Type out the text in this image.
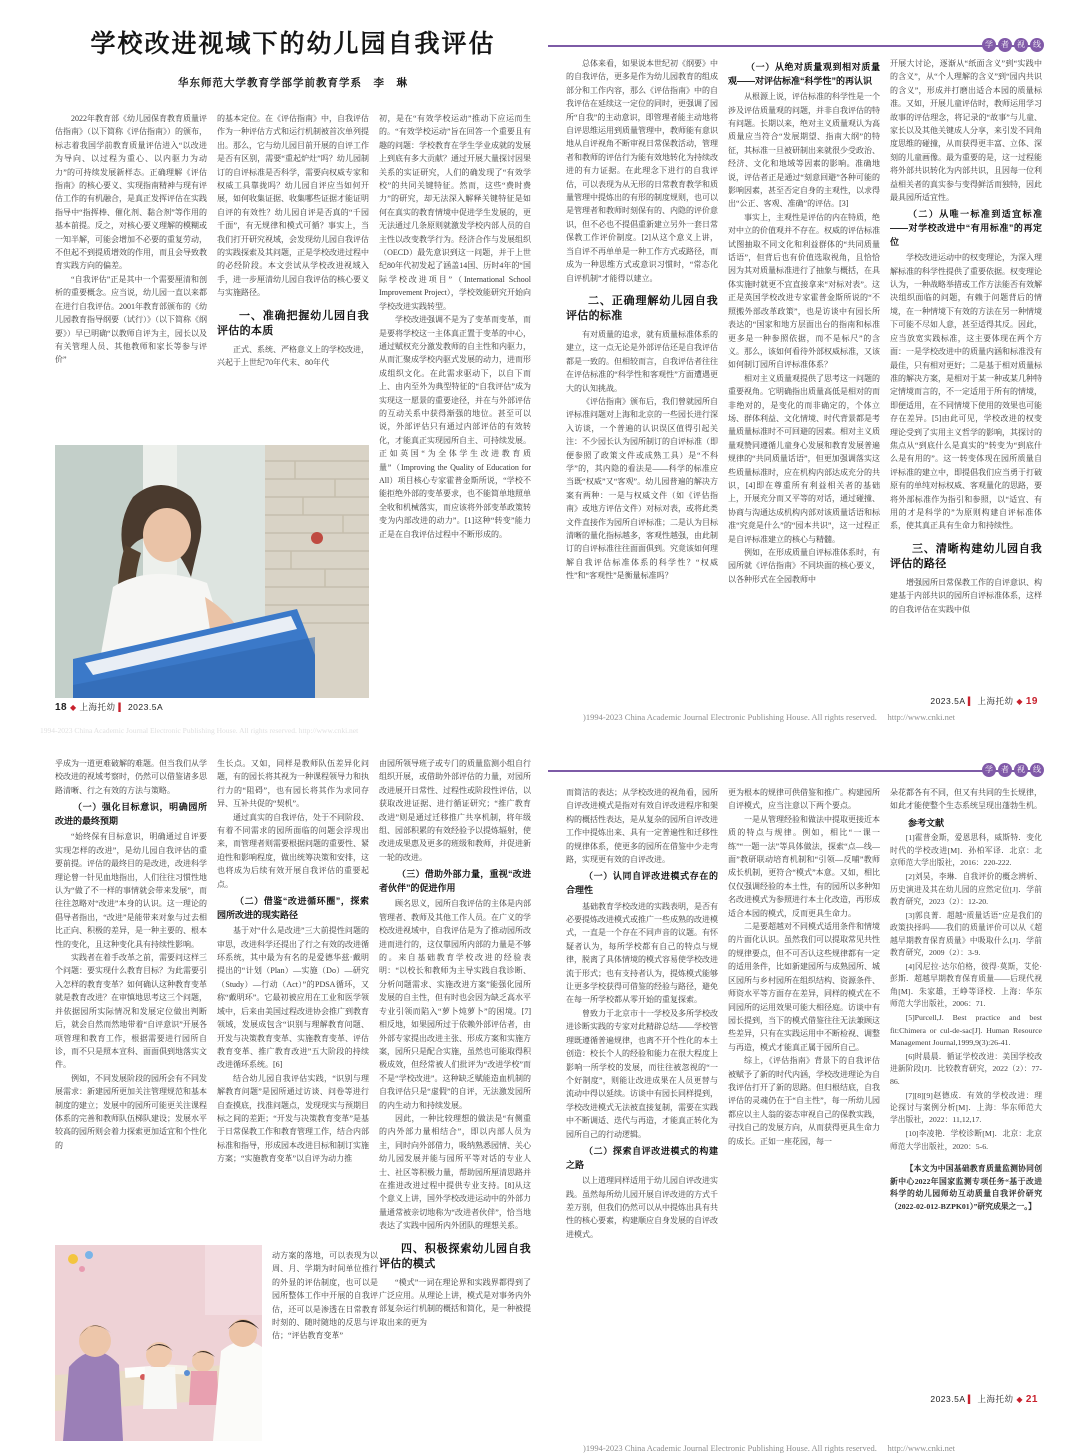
学校改进视域下的幼儿园自我评估
华东师范大学教育学部学前教育学系　李　琳
2022年教育部《幼儿园保育教育质量评估指南》（以下简称《评估指南》）的颁布，标志着我国学前教育质量评估进入“以改进为导向、以过程为重心、以内驱力为动力”的可持续发展新样态。正确理解《评估指南》的核心要义、实现指南精神与现有评估工作的有机融合，是真正发挥评估在实践指导中“指挥棒、催化剂、黏合剂”等作用的基本前提。反之，对核心要义理解的模糊或一知半解，可能会增加不必要的重复劳动，不但起不到提质增效的作用，而且会导致教育实践方向的偏差。
“自我评估”正是其中一个需要厘清和剖析的重要概念。应当说，幼儿园一直以来都在进行自我评估。2001年教育部颁布的《幼儿园教育指导纲要（试行）》（以下简称《纲要》）早已明确“以教师自评为主，园长以及有关管理人员、其他教师和家长等参与评价”
的基本定位。在《评估指南》中，自我评估作为一种评估方式和运行机制被首次单列提出。那么，它与幼儿园目前开展的自评工作是否有区别，需要“重起炉灶”吗？幼儿园制订的自评标准是否科学，需要向权威专家和权威工具靠拢吗？幼儿园自评应当如何开展，如何收集证据、收集哪些证据才能证明自评的有效性？幼儿园自评是否真的“千园千面”，有无规律和模式可循？事实上，当我们打开研究视域，会发现幼儿园自我评估的实践探索及其问题，正是学校改进过程中的必经阶段。本文尝试从学校改进视域入手，进一步厘清幼儿园自我评估的核心要义与实施路径。
一、准确把握幼儿园自我评估的本质
正式、系统、严格意义上的学校改进，兴起于上世纪70年代末、80年代
初，是在“有效学校运动”推动下应运而生的。“有效学校运动”旨在回答一个重要且有趣的问题：学校教育在学生学业成就的发展上到底有多大贡献？通过开展大量探讨因果关系的实证研究，人们的确发现了“有效学校”的共同关键特征。然而，这些“费时费力”的研究，却无法深入解释关键特征是如何在真实的教育情境中促进学生发展的，更无法通过几条原则就激发学校内部人员的自主性以改变教学行为。经济合作与发展组织（OECD）最先意识到这一问题，并于上世纪80年代初发起了涵盖14国、历时4年的“国际学校改进项目”（International School Improvement Project），学校效能研究开始向学校改进实践转型。
学校改进强调不是为了变革而变革，而是要将学校这一主体真正置于变革的中心，通过赋权充分激发教师的自主性和内驱力，从而汇聚成学校内驱式发展的动力，进而形成组织文化。在此需求驱动下，以自下而上、由内至外为典型特征的“自我评估”成为实现这一愿景的重要途径，并在与外部评估的互动关系中获得渐强的地位。甚至可以说，外部评估只有通过内部评估的有效转化，才能真正实现园所自主、可持续发展。正如英国“为全体学生改进教育质量”（Improving the Quality of Education for All）项目核心专家霍普金斯所说，“学校不能拒绝外部的变革要求，也不能简单地照单全收和机械落实，而应该将外部变革政策转变为内部改进的动力”。[1]这种“转变”能力正是在自我评估过程中不断形成的。
18 ◆ 上海托幼 ▍ 2023.5A
学	者	视	线
总体来看，如果说本世纪初《纲要》中的自我评估，更多是作为幼儿园教育的组成部分和工作内容，那么《评估指南》中的自我评估在延续这一定位的同时，更强调了园所“自我”的主动意识，即管理者能主动地将自评思维运用到质量管理中，教师能有意识地从自评视角不断审视日常保教活动，管理者和教师的评估行为能有效地转化为持续改进的有力证据。在此理念下进行的自我评估，可以表现为从无形的日常教育教学和质量管理中提炼出的有形的制度规则，也可以是管理者和教师时刻保有的、内隐的评价意识，但不必也不提倡重新建立另外一套日常保教工作评价制度。[2]从这个意义上讲，当自评不再单单是一种工作方式或路径，而成为一种思维方式或意识习惯时，“常态化自评机制”才能得以建立。
二、正确理解幼儿园自我评估的标准
有对质量的追求，就有质量标准体系的建立，这一点无论是外部评估还是自我评估都是一致的。但相较而言，自我评估者往往在评估标准的“科学性和客观性”方面遭遇更大的认知挑战。
《评估指南》颁布后，我们曾就园所自评标准问题对上海和北京的一些园长进行深入访谈，一个普遍的认识误区值得引起关注：不少园长认为园所制订的自评标准（即便参照了政策文件或成熟工具）是“不科学”的，其内隐的看法是——科学的标准应当既“权威”又“客观”。幼儿园普遍的解决方案有两种：一是与权威文件（如《评估指南》或地方评估文件）对标对表，或将此类文件直接作为园所自评标准；二是认为目标清晰的量化指标越多，客观性越强，由此制订的自评标准往往面面俱到。究竟该如何理解自我评估标准体系的科学性？“权威性”和“客观性”是衡量标准吗？
（一）从绝对质量观到相对质量观——对评估标准“科学性”的再认识
从根源上说，评估标准的科学性是一个涉及评估质量观的问题，并非自我评估的特有问题。长期以来，绝对主义质量观认为高质量应当符合“发展期望、指南大纲”的特征，其标准一旦被研制出来就很少受政治、经济、文化和地域等因素的影响。准确地说，评估者正是通过“刻意回避”各种可能的影响因素，甚至否定自身的主观性，以求得出“公正、客观、准确”的评估。[3]
事实上，主观性是评估的内在特质，绝对中立的价值观并不存在。权威的评估标准试图抽取不同文化和利益群体的“共同质量话语”，但背后也有价值选取视角，且恰恰因为其对质量标准进行了抽象与概括，在具体实施时就更不宜直接拿来“对标对表”。这正是英国学校改进专家霍普金斯所说的“不照搬外部改革政策”，也是访谈中有园长所表达的“国家和地方层面出台的指南和标准更多是一种参照依据，而不是标尺”的含义。那么，该如何看待外部权威标准，又该如何制订园所自评标准体系？
相对主义质量观提供了思考这一问题的重要视角。它明确指出质量高低是相对的而非绝对的，是变化的而非确定的，个体立场、群体利益、文化情境、时代背景都是考量质量标准时不可回避的因素。相对主义质量观赞同遵循儿童身心发展和教育发展普遍规律的“共同质量话语”，但更加强调落实这些质量标准时，应在机构内部达成充分的共识，[4]即在尊重所有利益相关者的基础上，开展充分而又平等的对话，通过碰撞、协商与沟通达成机构内部对该质量话语和标准“究竟是什么”的“园本共识”，这一过程正是自评标准建立的核心与精髓。
例如，在形成质量自评标准体系时，有园所就《评估指南》不同块面的核心要义，以各种形式在全园教师中
开展大讨论，逐渐从“纸面含义”到“实践中的含义”，从“个人理解的含义”到“园内共识的含义”，形成并打磨出适合本园的质量标准。又如，开展儿童评估时，教师运用学习故事的评估理念，将记录的“故事”与儿童、家长以及其他关键成人分享，来引发不同角度思维的碰撞，从而获得更丰富、立体、深刻的儿童画像。最为重要的是，这一过程能将外部共识转化为内部共识，且因每一位利益相关者的真实参与变得鲜活而独特，因此最具园所适宜性。
（二）从唯一标准到适宜标准——对学校改进中“有用标准”的再定位
学校改进运动中的权变理论，为深入理解标准的科学性提供了重要依据。权变理论认为，一种战略举措或工作方法能否有效解决组织面临的问题，有赖于问题背后的情境，在一种情境下有效的方法在另一种情境下可能不尽如人意，甚至适得其反。因此，应当放宽实践标准，这主要体现在两个方面：一是学校改进中的质量内涵和标准没有最佳，只有相对更好；二是基于相对质量标准的解决方案，是相对于某一种或某几种特定情境而言的，不一定适用于所有的情境，即便适用，在不同情境下使用的效果也可能存在差异。[5]由此可见，学校改进的权变理论受到了实用主义哲学的影响，其探讨的焦点从“到底什么是真实的”转变为“到底什么是有用的”。这一转变体现在园所质量自评标准的建立中，即提倡我们应当勇于打破原有的单纯对标权威、客观量化的思路，要将外部标准作为指引和参照，以“适宜、有用的才是科学的”为原则构建自评标准体系，使其真正具有生命力和持续性。
三、清晰构建幼儿园自我评估的路径
增强园所日常保教工作的自评意识、构建基于内部共识的园所自评标准体系，这样的自我评估在实践中似
2023.5A ▍ 上海托幼 ◆ 19
)1994-2023 China Academic Journal Electronic Publishing House. All rights reserved.　 http://www.cnki.net
1994-2023 China Academic Journal Electronic Publishing House. All rights reserved. http://www.cnki.net
乎成为一道更难破解的难题。但当我们从学校改进的视域考察时，仍然可以借鉴诸多思路清晰、行之有效的方法与策略。
（一）强化目标意识，明确园所改进的最终预期
“始终保有目标意识，明确通过自评要实现怎样的改进”，是幼儿园自我评估的重要前提。评估的最终目的是改进，改进科学理论曾一针见血地指出，人们往往习惯性地认为“做了不一样的事情就会带来发展”，而往往忽略对“改进”本身的认识。这一理论的倡导者指出，“改进”是能带来对象与过去相比正向、积极的差异，是一种主要的、根本性的变化，且这种变化具有持续性影响。
实践者在着手改革之前，需要问这样三个问题：要实现什么教育目标？为此需要引入怎样的教育变革？如何确认这种教育变革就是教育改进？在审慎地思考这三个问题，并依据园所实际情况和发展定位做出判断后，就会自然而然地带着“自评意识”开展各项管理和教育工作，根据需要进行园所自诊，而不只是照本宣科、面面俱到地落实文件。
例如，不同发展阶段的园所会有不同发展需求：新建园所更加关注管理规范和基本制度的建立；发展中的园所可能更关注课程体系的完善和教师队伍梯队建设；发展水平较高的园所则会着力探索更加适宜和个性化的
生长点。又如，同样是教师队伍差异化问题，有的园长将其视为一种课程领导力和执行力的“阻碍”，也有园长将其作为求同存异、互补共促的“契机”。
通过真实的自我评估，处于不同阶段、有着不同需求的园所面临的问题会浮现出来，而管理者则需要根据问题的重要性、紧迫性和影响程度，做出统筹决策和安排，这也将成为后续有效开展自我评估的重要起点。
（二）借鉴“改进循环圈”，探索园所改进的现实路径
基于对“什么是改进”三大前提性问题的审思，改进科学还提出了行之有效的改进循环系统，其中最为有名的是爱德华兹·戴明提出的“计划（Plan）—实施（Do）—研究（Study）—行动（Act）”的PDSA循环，又称“戴明环”。它最初被应用在工业和医学领域中，后来由美国过程改进协会推广到教育领域，发展成包含“识别与理解教育问题、开发与决策教育变革、实施教育变革、评估教育变革、推广教育改进”五大阶段的持续改进循环系统。[6]
结合幼儿园自我评估实践，“识别与理解教育问题”是园所通过访谈、问卷等进行自查摸底，找准问题点，发现现实与预期目标之间的差距；“开发与决策教育变革”是基于日常保教工作和教育管理工作，结合内部标准和指导，形成园本改进目标和制订实施方案；“实施教育变革”以自评为动力推
动方案的落地，可以表现为以周、月、学期为时间单位推行的外显的评估制度，也可以是园所整体工作中开展的自我评估，还可以是渗透在日常教育时刻的、随时随地的反思与评估；“评估教育变革”
由园所领导班子或专门的质量监测小组自行组织开展，或借助外部评估的力量，对园所改进展开日常性、过程性或阶段性评估，以获取改进证据、进行循证研究；“推广教育改进”则是通过迁移推广共享机制，将年级组、园部积累的有效经验予以提炼辐射，使改进成果惠及更多的班级和教师，并促进新一轮的改进。
（三）借助外部力量，重视“改进者伙伴”的促进作用
顾名思义，园所自我评估的主体是内部管理者、教师及其他工作人员。在广义的学校改进视域中，自我评估是为了推动园所改进而进行的，这仅靠园所内部的力量是不够的。来自基础教育学校改进的经验表明：“以校长和教师为主导实践自我诊断、分析问题需求、实施改进方案”能强化园所发展的自主性，但有时也会因为缺乏高水平专业引领而陷入“萝卜炖萝卜”的困境。[7]相反地，如果园所过于依赖外部评估者，由外部专家提出改进主张、形成方案和实施方案，园所只是配合实施，虽然也可能取得积极成效，但经常被人们批评为“改进学校”而不是“学校改进”。这种缺乏赋能造血机制的自我评估只是“虚假”的自评，无法激发园所的内生动力和持续发展。
因此，一种比较理想的做法是“有侧重的内外部力量相结合”，即以内部人员为主，同时向外部借力，吸纳熟悉园情、关心幼儿园发展并能与园所平等对话的专业人士、社区等积极力量，帮助园所厘清思路并在推进改进过程中提供专业支持。[8]从这个意义上讲，国外学校改进运动中的外部力量通常被亲切地称为“改进者伙伴”，恰当地表达了实践中园所内外团队的理想关系。
四、积极探索幼儿园自我评估的模式
“模式”一词在理论界和实践界都得到了广泛应用。从理论上讲，模式是对事务内外部复杂运行机制的概括和简化，是一种被提取出来的更为
学	者	视	线
而简洁的表达；从学校改进的视角看，园所自评改进模式是指对有效自评改进程序和架构的概括性表达，是从复杂的园所自评改进工作中提炼出来、具有一定普遍性和迁移性的规律体系，使更多的园所在借鉴中少走弯路，实现更有效的自评改进。
（一）认同自评改进模式存在的合理性
基础教育学校改进的实践表明，是否有必要提炼改进模式或推广一些成熟的改进模式，一直是一个存在不同声音的议题。有怀疑者认为，每所学校都有自己的特点与规律，脱离了具体情境的模式容易使学校改进流于形式；也有支持者认为，提炼模式能够让更多学校获得可借鉴的经验与路径，避免在每一所学校都从零开始的重复探索。
曾致力于北京市十一学校及多所学校改进诊断实践的专家对此精辟总结——学校管理既遵循普遍规律，也离不开个性化的本土创造：校长个人的经验和能力在很大程度上影响一所学校的发展，而往往被忽视的“一个好制度”，则能让改进成果在人员更替与流动中得以延续。访谈中有园长同样提到，学校改进模式无法被直接复制，需要在实践中不断调适、迭代与再造，才能真正转化为园所自己的行动逻辑。
（二）探索自评改进模式的构建之路
以上道理同样适用于幼儿园自评改进实践。虽然每所幼儿园开展自评改进的方式千差万别，但我们仍然可以从中提炼出具有共性的核心要素，构建顺应自身发展的自评改进模式。
更为根本的规律可供借鉴和推广。构建园所自评模式，应当注意以下两个要点。
一是从管理经验和做法中提取更接近本质的特点与规律。例如，相比“一课一练”“一题一法”等具体做法，探索“点—线—面”教研联动培育机制和“引领—反哺”教师成长机制，更符合“模式”本意。又如，相比仅仅强调经验的本土性，有的园所以多种知名改进模式为参照进行本土化改造，再形成适合本园的模式，反而更具生命力。
二是要超越对不同模式适用条件和情境的片面化认识。虽然我们可以提取常见共性的规律要点，但不可否认这些规律都有一定的适用条件，比如新建园所与成熟园所、城区园所与乡村园所在组织结构、资源条件、师资水平等方面存在差异，同样的模式在不同园所的运用效果可能大相径庭。访谈中有园长提到，当下的模式借鉴往往无法兼顾这些差异，只有在实践运用中不断检视、调整与再造，模式才能真正属于园所自己。
综上，《评估指南》背景下的自我评估被赋予了新的时代内涵，学校改进理论为自我评估打开了新的思路。但归根结底，自我评估的灵魂仍在于“自主性”，每一所幼儿园都应以主人翁的姿态审视自己的保教实践，寻找自己的发展方向，从而获得更具生命力的成长。正如一座花园，每一
朵花都各有不同，但又有共同的生长规律，如此才能使整个生态系统呈现出蓬勃生机。
参考文献
[1]霍普金斯，爱恩思科，威斯特．变化时代的学校改进[M]．孙柏军译．北京：北京师范大学出版社，2016：220-222.
[2]刘昊，李琳．自我评价的概念辨析、历史演进及其在幼儿园的应然定位[J]．学前教育研究，2023（2）：12-20.
[3]郭良菁．超越“质量话语”应是我们的政策抉择吗——我们的质量评价可以从《超越早期教育保育质量》中吸取什么[J]．学前教育研究，2009（2）：3-9.
[4]冈尼拉·达尔伯格，彼得·莫斯，艾伦·彭斯．超越早期教育保育质量——后现代视角[M]．朱家雄，王峥等译校．上海：华东师范大学出版社，2006：71.
[5]Purcell,J. Best practice and best fit:Chimera or cul-de-sac[J]. Human Resource Management Journal,1999,9(3):26-41.
[6]时晨晨．循证学校改进：美国学校改进新阶段[J]．比较教育研究，2022（2）：77-86.
[7][8][9]赵德成．有效的学校改进：理论探讨与案例分析[M]．上海：华东师范大学出版社，2022：11,12,17.
[10]李凌艳．学校诊断[M]．北京：北京师范大学出版社，2020：5-6.
【本文为中国基础教育质量监测协同创新中心2022年国家监测专项任务“基于改进科学的幼儿园师幼互动质量自我评价研究（2022-02-012-BZPK01）”研究成果之一。】
2023.5A ▍ 上海托幼 ◆ 21
)1994-2023 China Academic Journal Electronic Publishing House. All rights reserved.　 http://www.cnki.net
